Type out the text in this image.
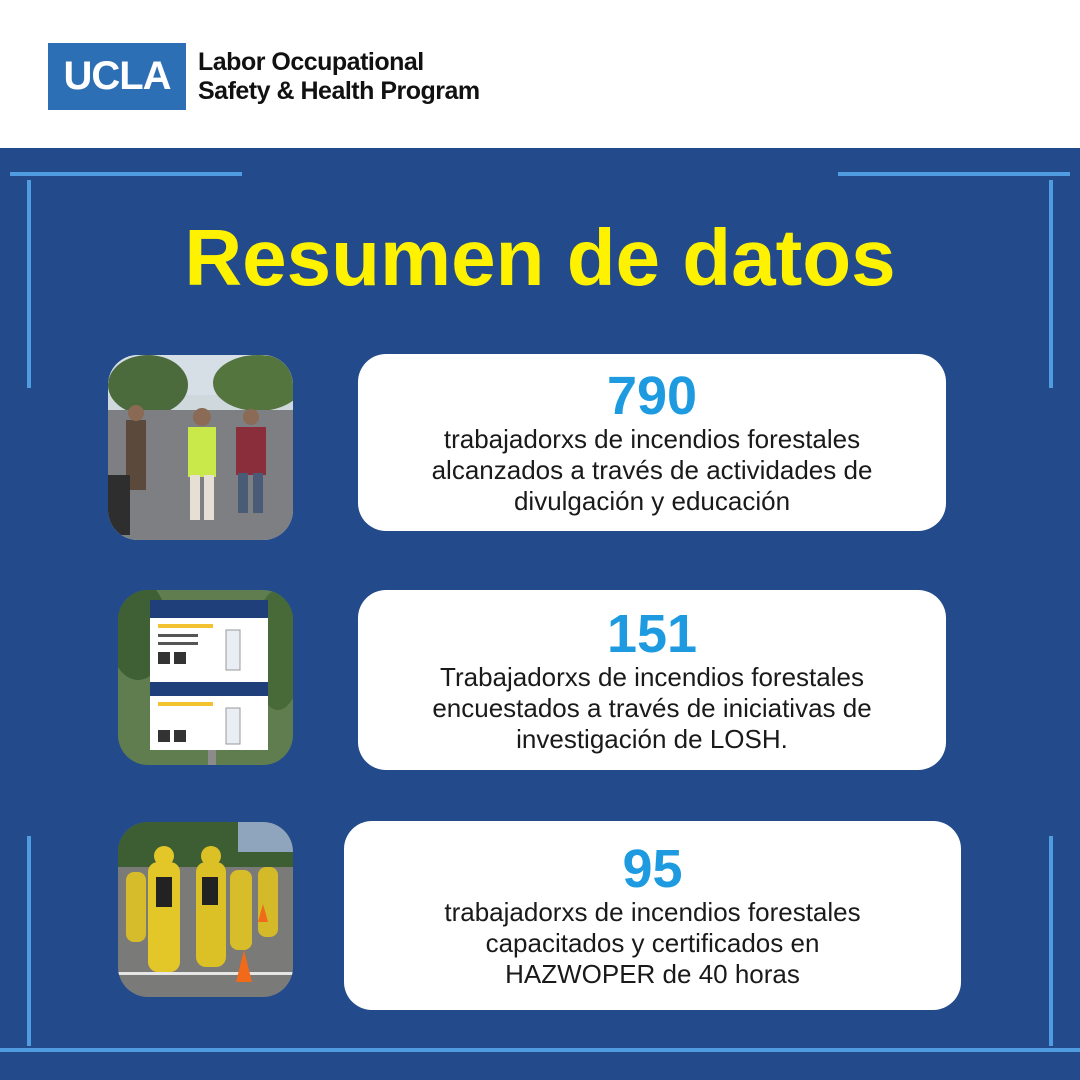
UCLA	Labor Occupational
Safety & Health Program
Resumen de datos
790
trabajadorxs de incendios forestales
alcanzados a través de actividades de
divulgación y educación
151
Trabajadorxs de incendios forestales
encuestados a través de iniciativas de
investigación de LOSH.
95
trabajadorxs de incendios forestales
capacitados y certificados en
HAZWOPER de 40 horas
